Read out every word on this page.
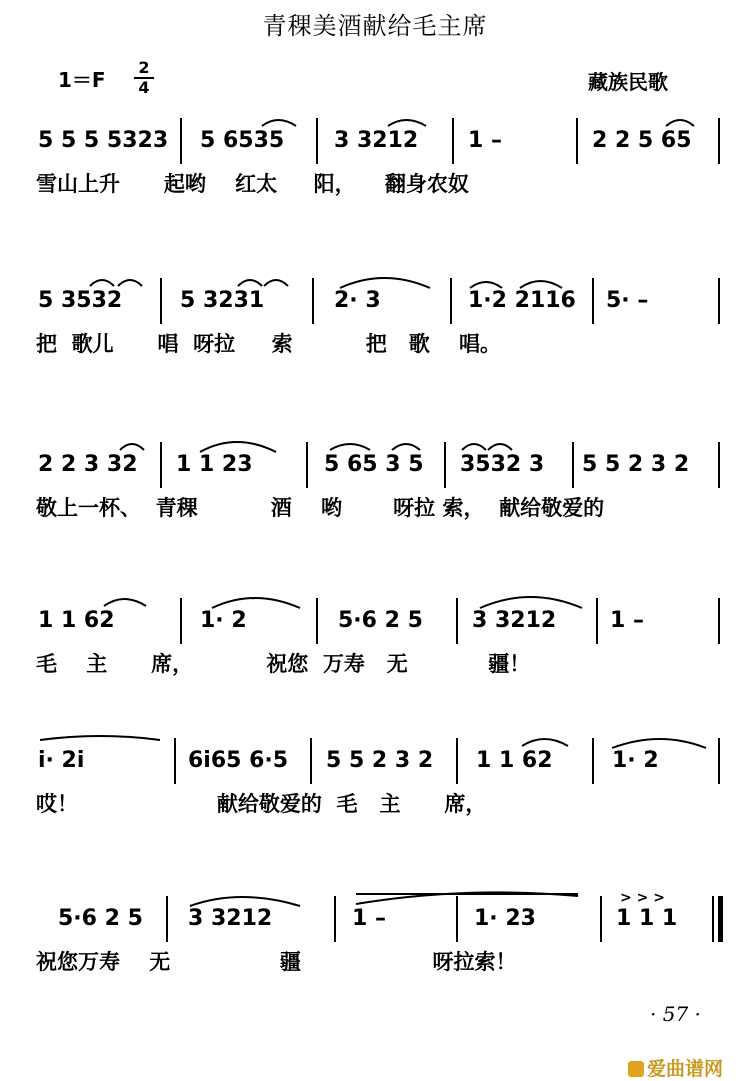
青稞美酒献给毛主席
1＝F
2
4	藏族民歌
5 5 5 5323 5 6535 3 3212 1 –	2 2 5 65
雪山上升      起哟    红太     阳，    翻身农奴
5 3532	5 3231	2· 3	1·2 2116 5· –
把  歌儿      唱  呀拉     索          把   歌    唱。
2 2 3 32 1 1 23	5 65 3 5 3532 3 5 5 2 3 2
敬上一杯、  青稞          酒    哟       呀拉 索，  献给敬爱的
1 1 62	1· 2	5·6 2 5 3 3212 1 –
毛    主      席，          祝您  万寿   无           疆！
i· 2i	6i65 6·5 5 5 2 3 2 1 1 62	1· 2
哎！                   献给敬爱的  毛   主      席，
5·6 2 5 3 3212	1 –	1· 23	1 1 1
> > >
祝您万寿    无               疆                  呀拉索！
· 57 ·
爱曲谱网
